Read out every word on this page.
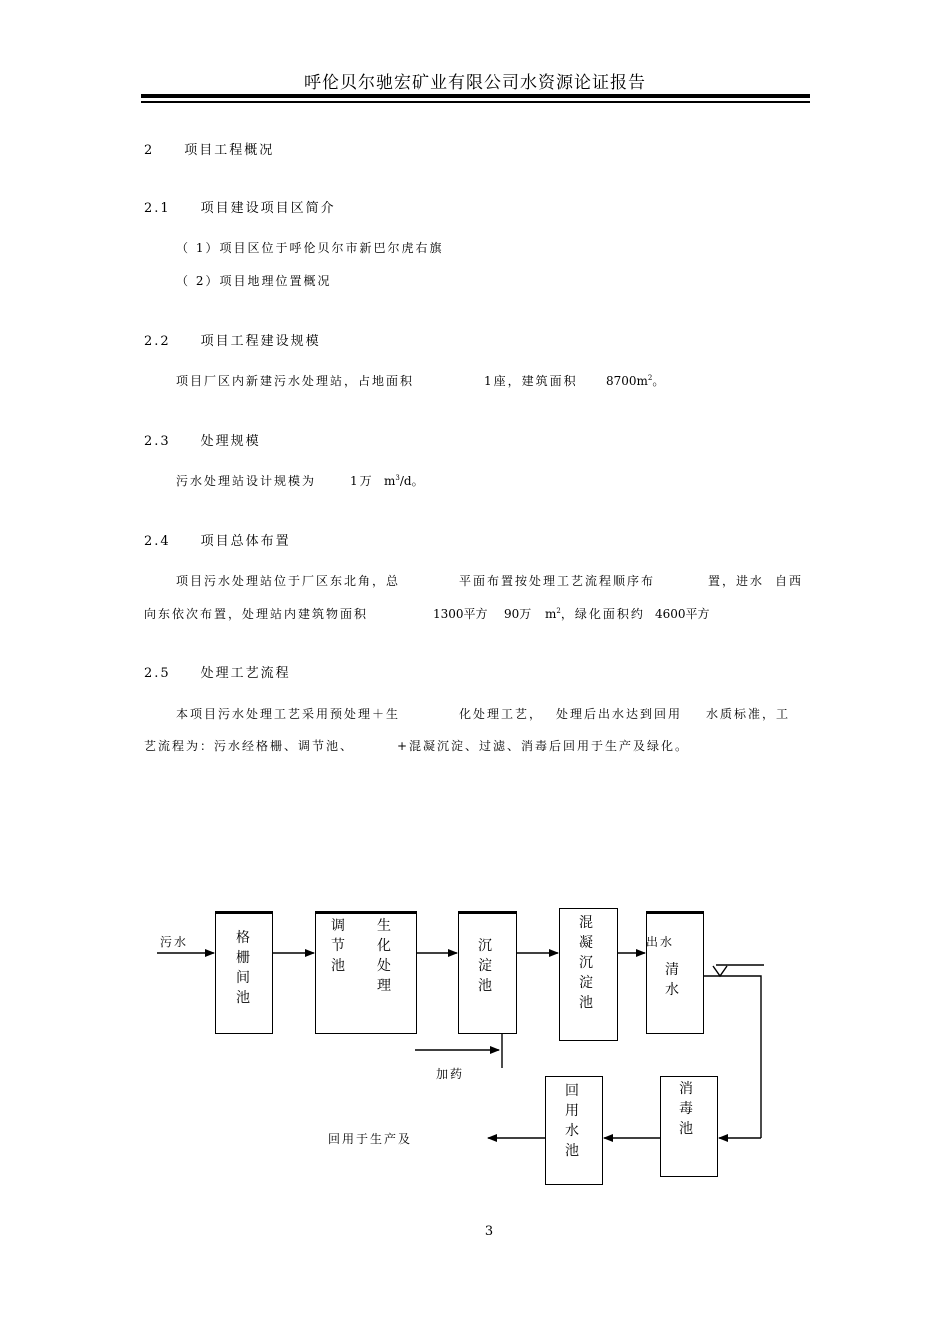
呼伦贝尔驰宏矿业有限公司水资源论证报告
2　　项目工程概况
2.1　　项目建设项目区简介
（ 1）项目区位于呼伦贝尔市新巴尔虎右旗
（ 2）项目地理位置概况
2.2　　项目工程建设规模
项目厂区内新建污水处理站，占地面积	1座，建筑面积 $8700m^2$。
2.3　　处理规模
污水处理站设计规模为	1万 $m^3/d$。
2.4　　项目总体布置
项目污水处理站位于厂区东北角，总	平面布置按处理工艺流程顺序布	置，进水 自西
向东依次布置，处理站内建筑物面积	1300平方 90万 $m^2$，绿化面积约 4600平方
2.5　　处理工艺流程
本项目污水处理工艺采用预处理＋生	化处理工艺， 处理后出水达到回用 水质标准，工
艺流程为：污水经格栅、调节池、	+混凝沉淀、过滤、消毒后回用于生产及绿化。
格栅间池
调节池
生化处理
沉淀池
混凝沉淀池
清水
消毒池
回用水池
污水	出水
加药
回用于生产及
3
